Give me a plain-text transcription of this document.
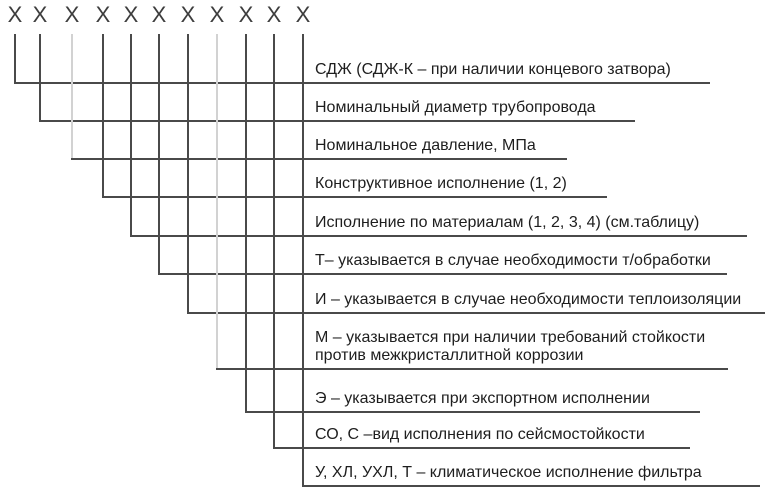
Х Х Х Х Х Х Х Х Х Х Х
СДЖ (СДЖ-К – при наличии концевого затвора)
Номинальный диаметр трубопровода
Номинальное давление, МПа
Конструктивное исполнение (1, 2)
Исполнение по материалам (1, 2, 3, 4) (см.таблицу)
Т– указывается в случае необходимости т/обработки
И – указывается в случае необходимости теплоизоляции
М – указывается при наличии требований стойкости
против межкристаллитной коррозии
Э – указывается при экспортном исполнении
СО, С –вид исполнения по сейсмостойкости
У, ХЛ, УХЛ, Т – климатическое исполнение фильтра
